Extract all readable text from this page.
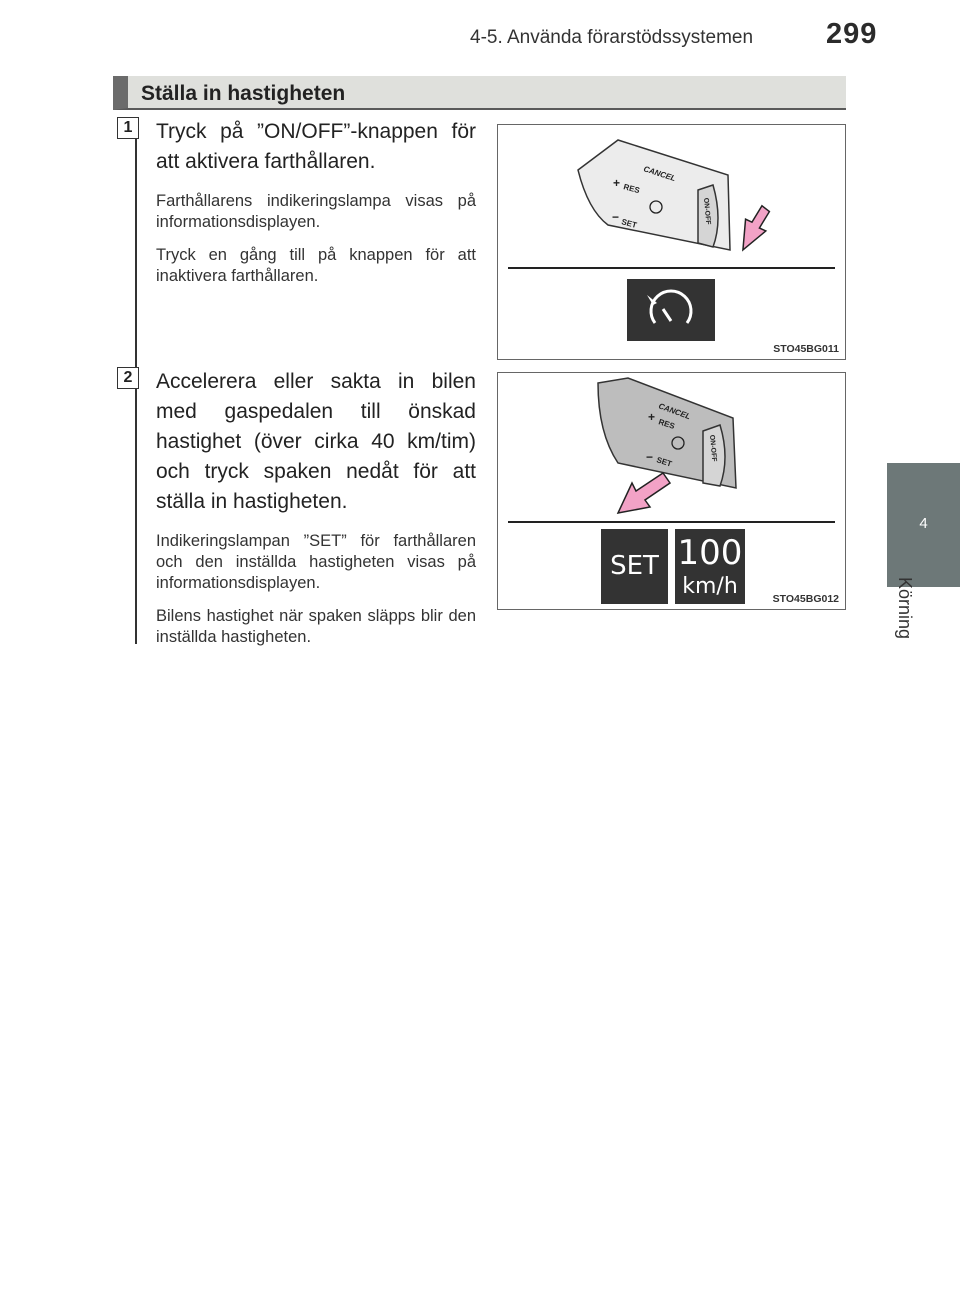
4-5. Använda förarstödssystemen	299
4
Körning
Ställa in hastigheten
1	Tryck på ”ON/OFF”-knappen för att aktivera farthållaren.

Farthållarens indikeringslampa visas på informationsdisplayen.

Tryck en gång till på knappen för att inaktivera farthållaren.

CANCEL
+ RES
− SET	ON-OFF
STO45BG011
2	Accelerera eller sakta in bilen med gaspedalen till önskad hastighet (över cirka 40 km/tim) och tryck spaken nedåt för att ställa in hastigheten.

Indikeringslampan ”SET” för farthållaren och den inställda hastigheten visas på informationsdisplayen.

Bilens hastighet när spaken släpps blir den inställda hastigheten.

CANCEL
+
RES
− SET
ON-OFF
SET 100
km/h	STO45BG012
